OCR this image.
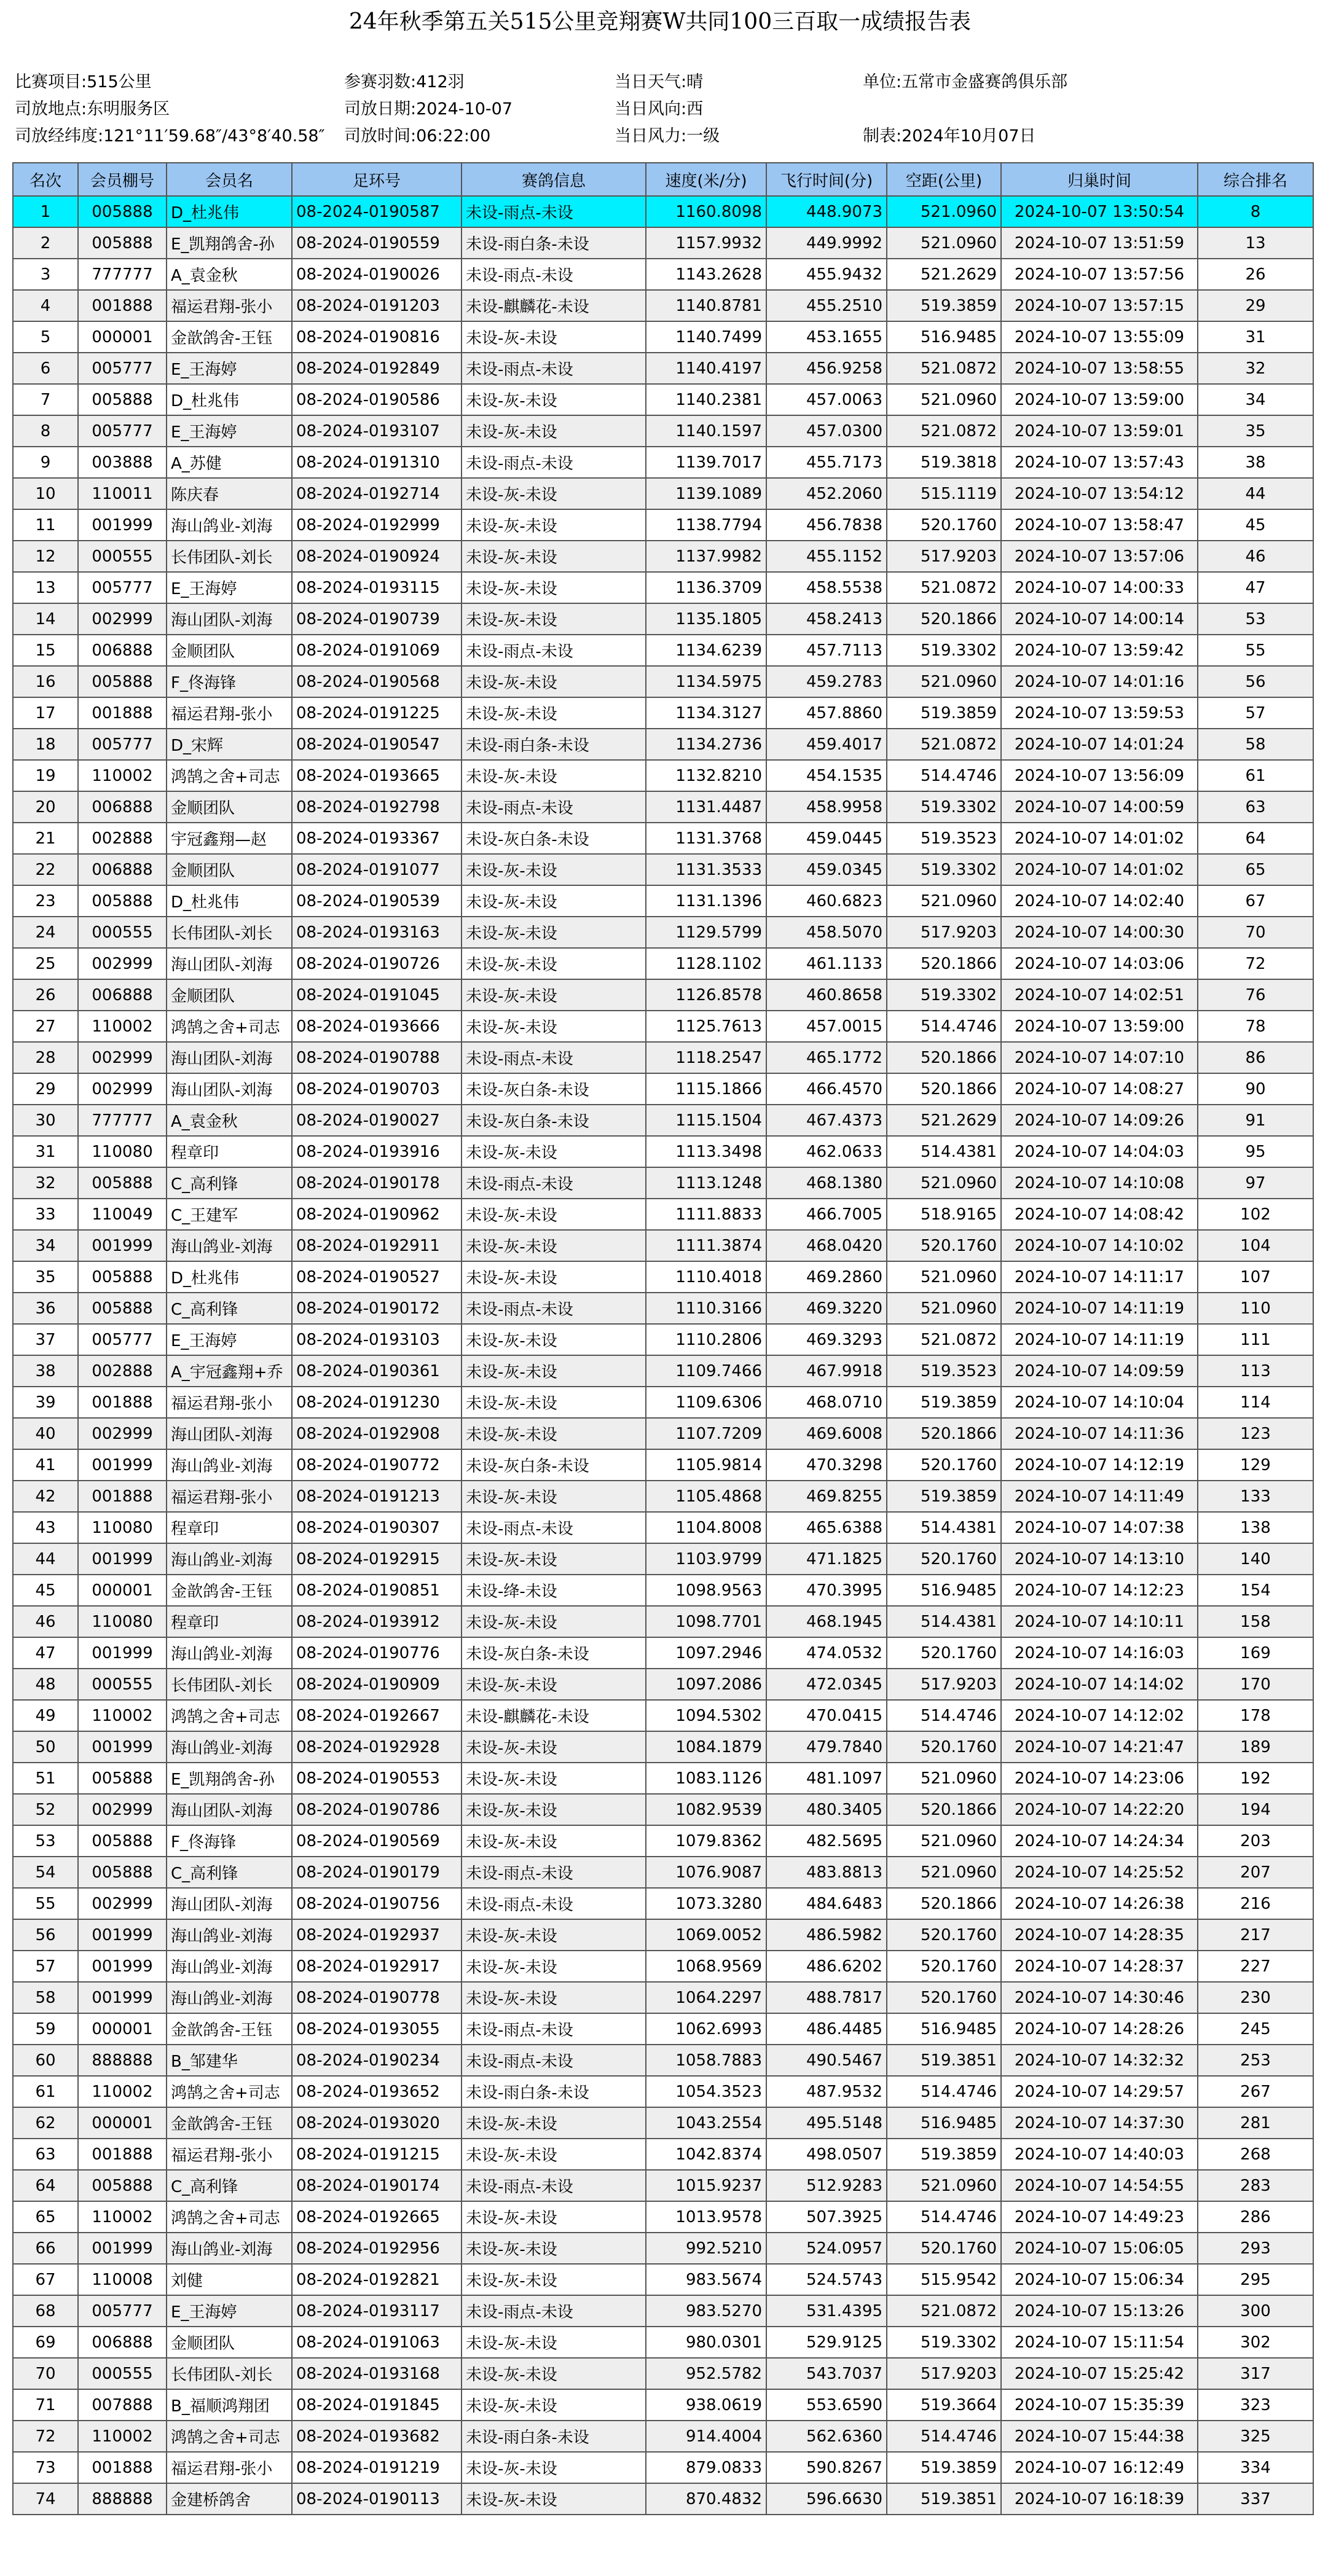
24年秋季第五关515公里竞翔赛W共同100三百取一成绩报告表
比赛项目:515公里	参赛羽数:412羽	当日天气:晴	单位:五常市金盛赛鸽俱乐部
司放地点:东明服务区	司放日期:2024-10-07	当日风向:西
司放经纬度:121°11′59.68″/43°8′40.58″ 司放时间:06:22:00	当日风力:一级	制表:2024年10月07日
名次	会员棚号	会员名	足环号	赛鸽信息	速度(米/分)	飞行时间(分)	空距(公里)	归巢时间	综合排名
1	005888	D_杜兆伟	08-2024-0190587	未设-雨点-未设	1160.8098	448.9073	521.0960	2024-10-07 13:50:54	8
2	005888	E_凯翔鸽舍-孙	08-2024-0190559	未设-雨白条-未设	1157.9932	449.9992	521.0960	2024-10-07 13:51:59	13
3	777777	A_袁金秋	08-2024-0190026	未设-雨点-未设	1143.2628	455.9432	521.2629	2024-10-07 13:57:56	26
4	001888	福运君翔-张小	08-2024-0191203	未设-麒麟花-未设	1140.8781	455.2510	519.3859	2024-10-07 13:57:15	29
5	000001	金歆鸽舍-王钰	08-2024-0190816	未设-灰-未设	1140.7499	453.1655	516.9485	2024-10-07 13:55:09	31
6	005777	E_王海婷	08-2024-0192849	未设-雨点-未设	1140.4197	456.9258	521.0872	2024-10-07 13:58:55	32
7	005888	D_杜兆伟	08-2024-0190586	未设-灰-未设	1140.2381	457.0063	521.0960	2024-10-07 13:59:00	34
8	005777	E_王海婷	08-2024-0193107	未设-灰-未设	1140.1597	457.0300	521.0872	2024-10-07 13:59:01	35
9	003888	A_苏健	08-2024-0191310	未设-雨点-未设	1139.7017	455.7173	519.3818	2024-10-07 13:57:43	38
10	110011	陈庆春	08-2024-0192714	未设-灰-未设	1139.1089	452.2060	515.1119	2024-10-07 13:54:12	44
11	001999	海山鸽业-刘海	08-2024-0192999	未设-灰-未设	1138.7794	456.7838	520.1760	2024-10-07 13:58:47	45
12	000555	长伟团队-刘长	08-2024-0190924	未设-灰-未设	1137.9982	455.1152	517.9203	2024-10-07 13:57:06	46
13	005777	E_王海婷	08-2024-0193115	未设-灰-未设	1136.3709	458.5538	521.0872	2024-10-07 14:00:33	47
14	002999	海山团队-刘海	08-2024-0190739	未设-灰-未设	1135.1805	458.2413	520.1866	2024-10-07 14:00:14	53
15	006888	金顺团队	08-2024-0191069	未设-雨点-未设	1134.6239	457.7113	519.3302	2024-10-07 13:59:42	55
16	005888	F_佟海锋	08-2024-0190568	未设-灰-未设	1134.5975	459.2783	521.0960	2024-10-07 14:01:16	56
17	001888	福运君翔-张小	08-2024-0191225	未设-灰-未设	1134.3127	457.8860	519.3859	2024-10-07 13:59:53	57
18	005777	D_宋辉	08-2024-0190547	未设-雨白条-未设	1134.2736	459.4017	521.0872	2024-10-07 14:01:24	58
19	110002	鸿鹄之舍+司志	08-2024-0193665	未设-灰-未设	1132.8210	454.1535	514.4746	2024-10-07 13:56:09	61
20	006888	金顺团队	08-2024-0192798	未设-雨点-未设	1131.4487	458.9958	519.3302	2024-10-07 14:00:59	63
21	002888	宇冠鑫翔—赵	08-2024-0193367	未设-灰白条-未设	1131.3768	459.0445	519.3523	2024-10-07 14:01:02	64
22	006888	金顺团队	08-2024-0191077	未设-灰-未设	1131.3533	459.0345	519.3302	2024-10-07 14:01:02	65
23	005888	D_杜兆伟	08-2024-0190539	未设-灰-未设	1131.1396	460.6823	521.0960	2024-10-07 14:02:40	67
24	000555	长伟团队-刘长	08-2024-0193163	未设-灰-未设	1129.5799	458.5070	517.9203	2024-10-07 14:00:30	70
25	002999	海山团队-刘海	08-2024-0190726	未设-灰-未设	1128.1102	461.1133	520.1866	2024-10-07 14:03:06	72
26	006888	金顺团队	08-2024-0191045	未设-灰-未设	1126.8578	460.8658	519.3302	2024-10-07 14:02:51	76
27	110002	鸿鹄之舍+司志	08-2024-0193666	未设-灰-未设	1125.7613	457.0015	514.4746	2024-10-07 13:59:00	78
28	002999	海山团队-刘海	08-2024-0190788	未设-雨点-未设	1118.2547	465.1772	520.1866	2024-10-07 14:07:10	86
29	002999	海山团队-刘海	08-2024-0190703	未设-灰白条-未设	1115.1866	466.4570	520.1866	2024-10-07 14:08:27	90
30	777777	A_袁金秋	08-2024-0190027	未设-灰白条-未设	1115.1504	467.4373	521.2629	2024-10-07 14:09:26	91
31	110080	程章印	08-2024-0193916	未设-灰-未设	1113.3498	462.0633	514.4381	2024-10-07 14:04:03	95
32	005888	C_高利锋	08-2024-0190178	未设-雨点-未设	1113.1248	468.1380	521.0960	2024-10-07 14:10:08	97
33	110049	C_王建军	08-2024-0190962	未设-灰-未设	1111.8833	466.7005	518.9165	2024-10-07 14:08:42	102
34	001999	海山鸽业-刘海	08-2024-0192911	未设-灰-未设	1111.3874	468.0420	520.1760	2024-10-07 14:10:02	104
35	005888	D_杜兆伟	08-2024-0190527	未设-灰-未设	1110.4018	469.2860	521.0960	2024-10-07 14:11:17	107
36	005888	C_高利锋	08-2024-0190172	未设-雨点-未设	1110.3166	469.3220	521.0960	2024-10-07 14:11:19	110
37	005777	E_王海婷	08-2024-0193103	未设-灰-未设	1110.2806	469.3293	521.0872	2024-10-07 14:11:19	111
38	002888	A_宇冠鑫翔+乔	08-2024-0190361	未设-灰-未设	1109.7466	467.9918	519.3523	2024-10-07 14:09:59	113
39	001888	福运君翔-张小	08-2024-0191230	未设-灰-未设	1109.6306	468.0710	519.3859	2024-10-07 14:10:04	114
40	002999	海山团队-刘海	08-2024-0192908	未设-灰-未设	1107.7209	469.6008	520.1866	2024-10-07 14:11:36	123
41	001999	海山鸽业-刘海	08-2024-0190772	未设-灰白条-未设	1105.9814	470.3298	520.1760	2024-10-07 14:12:19	129
42	001888	福运君翔-张小	08-2024-0191213	未设-灰-未设	1105.4868	469.8255	519.3859	2024-10-07 14:11:49	133
43	110080	程章印	08-2024-0190307	未设-雨点-未设	1104.8008	465.6388	514.4381	2024-10-07 14:07:38	138
44	001999	海山鸽业-刘海	08-2024-0192915	未设-灰-未设	1103.9799	471.1825	520.1760	2024-10-07 14:13:10	140
45	000001	金歆鸽舍-王钰	08-2024-0190851	未设-绛-未设	1098.9563	470.3995	516.9485	2024-10-07 14:12:23	154
46	110080	程章印	08-2024-0193912	未设-灰-未设	1098.7701	468.1945	514.4381	2024-10-07 14:10:11	158
47	001999	海山鸽业-刘海	08-2024-0190776	未设-灰白条-未设	1097.2946	474.0532	520.1760	2024-10-07 14:16:03	169
48	000555	长伟团队-刘长	08-2024-0190909	未设-灰-未设	1097.2086	472.0345	517.9203	2024-10-07 14:14:02	170
49	110002	鸿鹄之舍+司志	08-2024-0192667	未设-麒麟花-未设	1094.5302	470.0415	514.4746	2024-10-07 14:12:02	178
50	001999	海山鸽业-刘海	08-2024-0192928	未设-灰-未设	1084.1879	479.7840	520.1760	2024-10-07 14:21:47	189
51	005888	E_凯翔鸽舍-孙	08-2024-0190553	未设-灰-未设	1083.1126	481.1097	521.0960	2024-10-07 14:23:06	192
52	002999	海山团队-刘海	08-2024-0190786	未设-灰-未设	1082.9539	480.3405	520.1866	2024-10-07 14:22:20	194
53	005888	F_佟海锋	08-2024-0190569	未设-灰-未设	1079.8362	482.5695	521.0960	2024-10-07 14:24:34	203
54	005888	C_高利锋	08-2024-0190179	未设-雨点-未设	1076.9087	483.8813	521.0960	2024-10-07 14:25:52	207
55	002999	海山团队-刘海	08-2024-0190756	未设-雨点-未设	1073.3280	484.6483	520.1866	2024-10-07 14:26:38	216
56	001999	海山鸽业-刘海	08-2024-0192937	未设-灰-未设	1069.0052	486.5982	520.1760	2024-10-07 14:28:35	217
57	001999	海山鸽业-刘海	08-2024-0192917	未设-灰-未设	1068.9569	486.6202	520.1760	2024-10-07 14:28:37	227
58	001999	海山鸽业-刘海	08-2024-0190778	未设-灰-未设	1064.2297	488.7817	520.1760	2024-10-07 14:30:46	230
59	000001	金歆鸽舍-王钰	08-2024-0193055	未设-雨点-未设	1062.6993	486.4485	516.9485	2024-10-07 14:28:26	245
60	888888	B_邹建华	08-2024-0190234	未设-雨点-未设	1058.7883	490.5467	519.3851	2024-10-07 14:32:32	253
61	110002	鸿鹄之舍+司志	08-2024-0193652	未设-雨白条-未设	1054.3523	487.9532	514.4746	2024-10-07 14:29:57	267
62	000001	金歆鸽舍-王钰	08-2024-0193020	未设-灰-未设	1043.2554	495.5148	516.9485	2024-10-07 14:37:30	281
63	001888	福运君翔-张小	08-2024-0191215	未设-灰-未设	1042.8374	498.0507	519.3859	2024-10-07 14:40:03	268
64	005888	C_高利锋	08-2024-0190174	未设-雨点-未设	1015.9237	512.9283	521.0960	2024-10-07 14:54:55	283
65	110002	鸿鹄之舍+司志	08-2024-0192665	未设-灰-未设	1013.9578	507.3925	514.4746	2024-10-07 14:49:23	286
66	001999	海山鸽业-刘海	08-2024-0192956	未设-灰-未设	992.5210	524.0957	520.1760	2024-10-07 15:06:05	293
67	110008	刘健	08-2024-0192821	未设-灰-未设	983.5674	524.5743	515.9542	2024-10-07 15:06:34	295
68	005777	E_王海婷	08-2024-0193117	未设-雨点-未设	983.5270	531.4395	521.0872	2024-10-07 15:13:26	300
69	006888	金顺团队	08-2024-0191063	未设-灰-未设	980.0301	529.9125	519.3302	2024-10-07 15:11:54	302
70	000555	长伟团队-刘长	08-2024-0193168	未设-灰-未设	952.5782	543.7037	517.9203	2024-10-07 15:25:42	317
71	007888	B_福顺鸿翔团	08-2024-0191845	未设-灰-未设	938.0619	553.6590	519.3664	2024-10-07 15:35:39	323
72	110002	鸿鹄之舍+司志	08-2024-0193682	未设-雨白条-未设	914.4004	562.6360	514.4746	2024-10-07 15:44:38	325
73	001888	福运君翔-张小	08-2024-0191219	未设-灰-未设	879.0833	590.8267	519.3859	2024-10-07 16:12:49	334
74	888888	金建桥鸽舍	08-2024-0190113	未设-灰-未设	870.4832	596.6630	519.3851	2024-10-07 16:18:39	337
